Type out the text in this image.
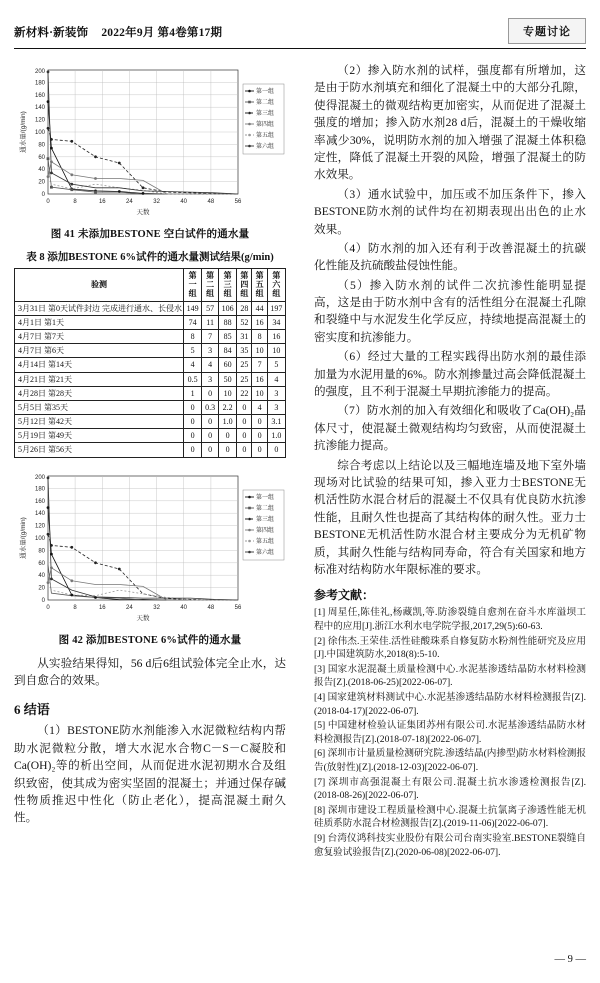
新材料·新装饰 2022年9月 第4卷第17期	专题讨论
0
20
40
60
80
100
120
140
160
180
200
0	8	16	24	32	40	48	56
天数
通水量/(g/min)
第一组
第二组
第三组
第四组
第五组
第六组
图 41 未添加BESTONE 空白试件的通水量
表 8 添加BESTONE 6%试件的通水量测试结果(g/min)
验测	第一组	第二组	第三组	第四组	第五组	第六组
3月31日 第0天试件封边 完成进行通水、长侵水	149	57	106	28	44	197
4月1日 第1天	74	11	88	52	16	34
4月7日 第7天	8	7	85	31	8	16
4月7日 第6天	5	3	84	35	10	10
4月14日 第14天	4	4	60	25	7	5
4月21日 第21天	0.5	3	50	25	16	4
4月28日 第28天	1	0	10	22	10	3
5月5日 第35天	0	0.3	2.2	0	4	3
5月12日 第42天	0	0	1.0	0	0	3.1
5月19日 第49天	0	0	0	0	0	1.0
5月26日 第56天	0	0	0	0	0	0
0
20
40
60
80
100
120
140
160
180
200
0	8	16	24	32	40	48	56
天数
通水量/(g/min)
第一组
第二组
第三组
第四组
第五组
第六组
图 42 添加BESTONE 6%试件的通水量

从实验结果得知，56 d后6组试验体完全止水，达到自愈合的效果。

6 结语

（1）BESTONE防水剂能渗入水泥微粒结构内帮助水泥微粒分散，增大水泥水合物C－S－C凝胶和Ca(OH)₂等的析出空间，从而促进水泥初期水合及组织致密，使其成为密实坚固的混凝土；并通过保存碱性物质推迟中性化（防止老化），提高混凝土耐久性。

（2）掺入防水剂的试样，强度都有所增加，这是由于防水剂填充和细化了混凝土中的大部分孔隙，使得混凝土的微观结构更加密实，从而促进了混凝土强度的增加；掺入防水剂28 d后，混凝土的干燥收缩率减少30%，说明防水剂的加入增强了混凝土体积稳定性，降低了混凝土开裂的风险，增强了混凝土的防水效果。

（3）通水试验中，加压或不加压条件下，掺入BESTONE防水剂的试件均在初期表现出出色的止水效果。

（4）防水剂的加入还有利于改善混凝土的抗碳化性能及抗硫酸盐侵蚀性能。

（5）掺入防水剂的试件二次抗渗性能明显提高，这是由于防水剂中含有的活性组分在混凝土孔隙和裂缝中与水泥发生化学反应，持续地提高混凝土的密实度和抗渗能力。

（6）经过大量的工程实践得出防水剂的最佳添加量为水泥用量的6%。防水剂掺量过高会降低混凝土的强度，且不利于混凝土早期抗渗能力的提高。

（7）防水剂的加入有效细化和吸收了Ca(OH)₂晶体尺寸，使混凝土微观结构均匀致密，从而使混凝土抗渗能力提高。

综合考虑以上结论以及三幅地连墙及地下室外墙现场对比试验的结果可知，掺入亚力士BESTONE无机活性防水混合材后的混凝土不仅具有优良防水抗渗性能，且耐久性也提高了其结构体的耐久性。亚力士BESTONE无机活性防水混合材主要成分为无机矿物质，其耐久性能与结构同寿命，符合有关国家和地方标准对结构防水年限标准的要求。

参考文献：

[1] 周星任,陈佳礼,杨藏凯,等.防渗裂缝自愈剂在奋斗水库溢坝工程中的应用[J].浙江水利水电学院学报,2017,29(5):60-63.

[2] 徐伟杰.王荣佳.活性硅酸珠系自修复防水粉剂性能研究及应用[J].中国建筑防水,2018(8):5-10.

[3] 国家水泥混凝土质量检测中心.水泥基渗透结晶防水材料检测报告[Z].(2018-06-25)[2022-06-07].

[4] 国家建筑材料测试中心.水泥基渗透结晶防水材料检测报告[Z].(2018-04-17)[2022-06-07].

[5] 中国建材检验认证集团苏州有限公司.水泥基渗透结晶防水材料检测报告[Z].(2018-07-18)[2022-06-07].

[6] 深圳市计量质量检测研究院.渗透结晶(内掺型)防水材料检测报告(放射性)[Z].(2018-12-03)[2022-06-07].

[7] 深圳市高强混凝土有限公司.混凝土抗水渗透检测报告[Z].(2018-08-26)[2022-06-07].

[8] 深圳市建设工程质量检测中心.混凝土抗氯离子渗透性能无机硅质系防水混合材检测报告[Z].(2019-11-06)[2022-06-07].

[9] 台湾仪鸿科技实业股份有限公司台南实验室.BESTONE裂缝自愈复验试验报告[Z].(2020-06-08)[2022-06-07].

— 9 —
